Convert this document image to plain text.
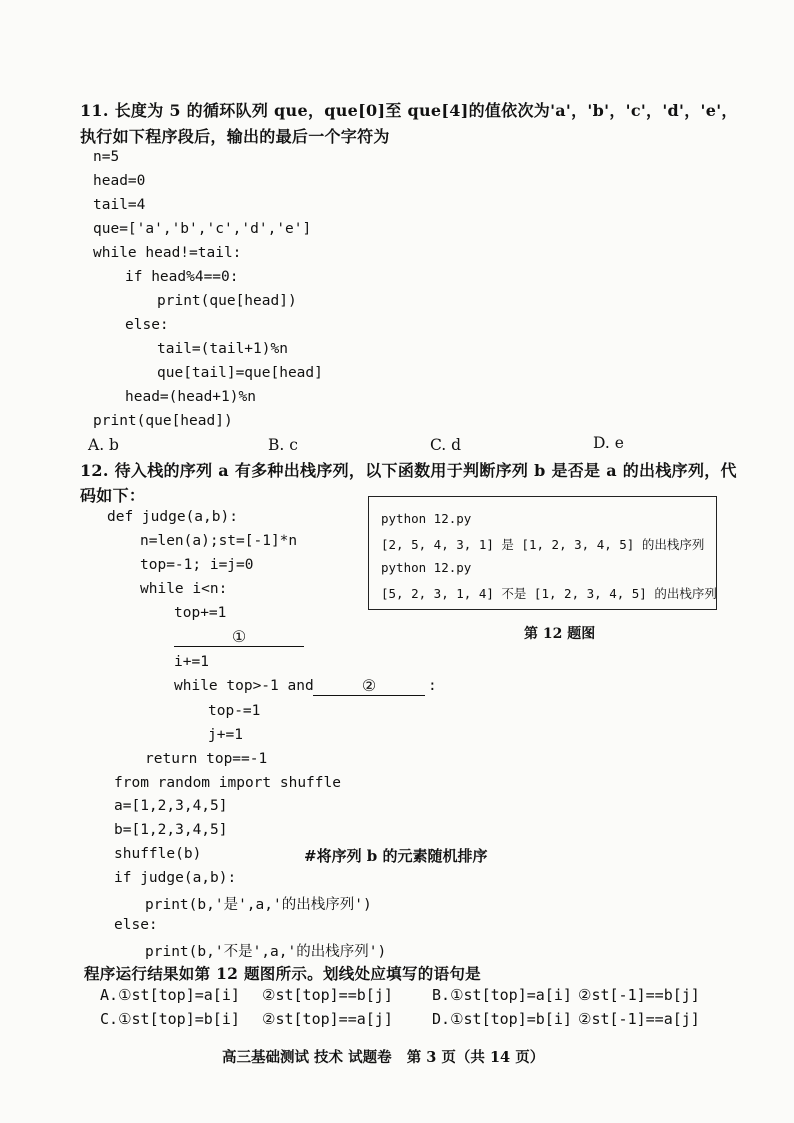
11. 长度为 5 的循环队列 que，que[0]至 que[4]的值依次为'a'，'b'，'c'，'d'，'e'，
执行如下程序段后，输出的最后一个字符为
n=5
head=0
tail=4
que=['a','b','c','d','e']
while head!=tail:
if head%4==0:
print(que[head])
else:
tail=(tail+1)%n
que[tail]=que[head]
head=(head+1)%n
print(que[head])
A. b	B. c	C. d	D. e
12. 待入栈的序列 a 有多种出栈序列，以下函数用于判断序列 b 是否是 a 的出栈序列，代
码如下：
def judge(a,b):
n=len(a);st=[-1]*n
top=-1; i=j=0
while i<n:
top+=1
①
i+=1
while top>-1 and	②	:
top-=1
j+=1
return top==-1
from random import shuffle
a=[1,2,3,4,5]
b=[1,2,3,4,5]
shuffle(b)	#将序列 b 的元素随机排序
if judge(a,b):
print(b,'是',a,'的出栈序列')
else:
print(b,'不是',a,'的出栈序列')
python 12.py
[2, 5, 4, 3, 1] 是 [1, 2, 3, 4, 5] 的出栈序列
python 12.py
[5, 2, 3, 1, 4] 不是 [1, 2, 3, 4, 5] 的出栈序列
第 12 题图
程序运行结果如第 12 题图所示。划线处应填写的语句是
A.①st[top]=a[i] ②st[top]==b[j]	B.①st[top]=a[i] ②st[-1]==b[j]
C.①st[top]=b[i] ②st[top]==a[j]	D.①st[top]=b[i] ②st[-1]==a[j]
高三基础测试 技术 试题卷   第 3 页（共 14 页）
